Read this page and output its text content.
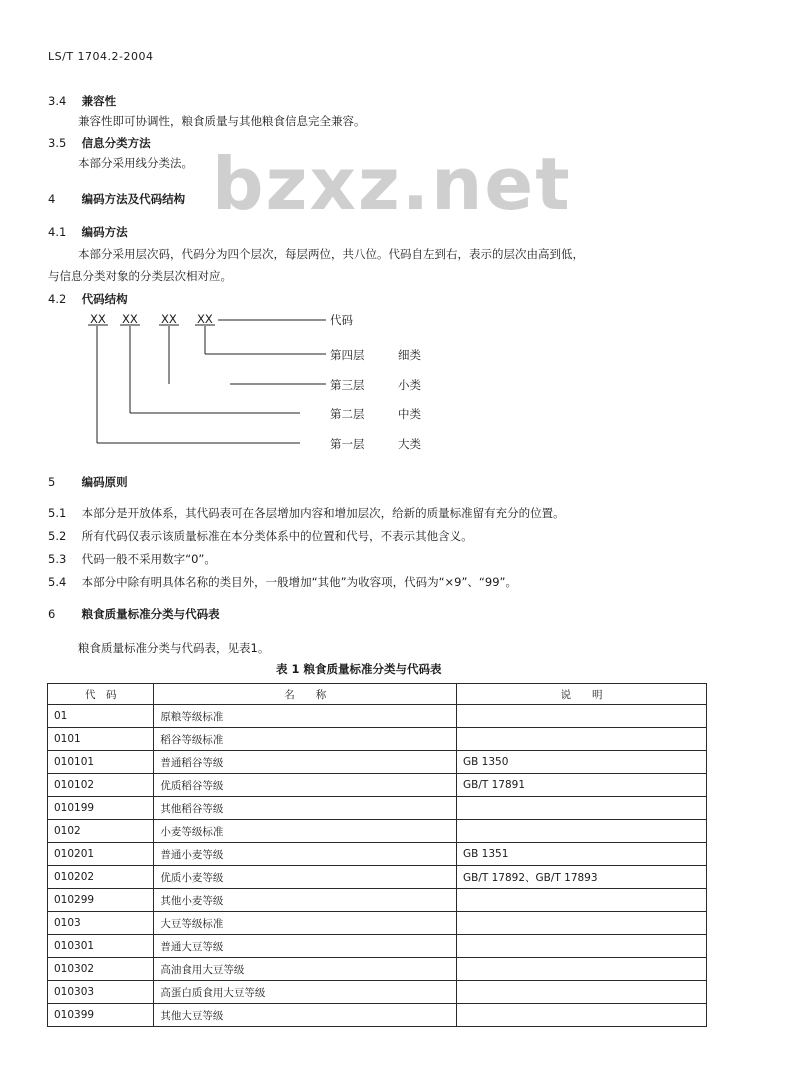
LS/T 1704.2-2004
bzxz.net
3.4 兼容性
兼容性即可协调性，粮食质量与其他粮食信息完全兼容。
3.5 信息分类方法
本部分采用线分类法。
4 编码方法及代码结构
4.1 编码方法
本部分采用层次码，代码分为四个层次，每层两位，共八位。代码自左到右，表示的层次由高到低，
与信息分类对象的分类层次相对应。
4.2 代码结构
XX XX XX XX	代码
第四层	细类
第三层	小类
第二层	中类
第一层	大类
5 编码原则
5.1 本部分是开放体系，其代码表可在各层增加内容和增加层次，给新的质量标准留有充分的位置。
5.2 所有代码仅表示该质量标准在本分类体系中的位置和代号，不表示其他含义。
5.3 代码一般不采用数字“0”。
5.4 本部分中除有明具体名称的类目外，一般增加“其他”为收容项，代码为“×9”、“99”。
6 粮食质量标准分类与代码表
粮食质量标准分类与代码表，见表1。
表 1 粮食质量标准分类与代码表
代　码	名　　称	说　　明
01	原粮等级标准	
0101	稻谷等级标准	
010101	普通稻谷等级	GB 1350
010102	优质稻谷等级	GB/T 17891
010199	其他稻谷等级	
0102	小麦等级标准	
010201	普通小麦等级	GB 1351
010202	优质小麦等级	GB/T 17892、GB/T 17893
010299	其他小麦等级	
0103	大豆等级标准	
010301	普通大豆等级	
010302	高油食用大豆等级	
010303	高蛋白质食用大豆等级	
010399	其他大豆等级	
